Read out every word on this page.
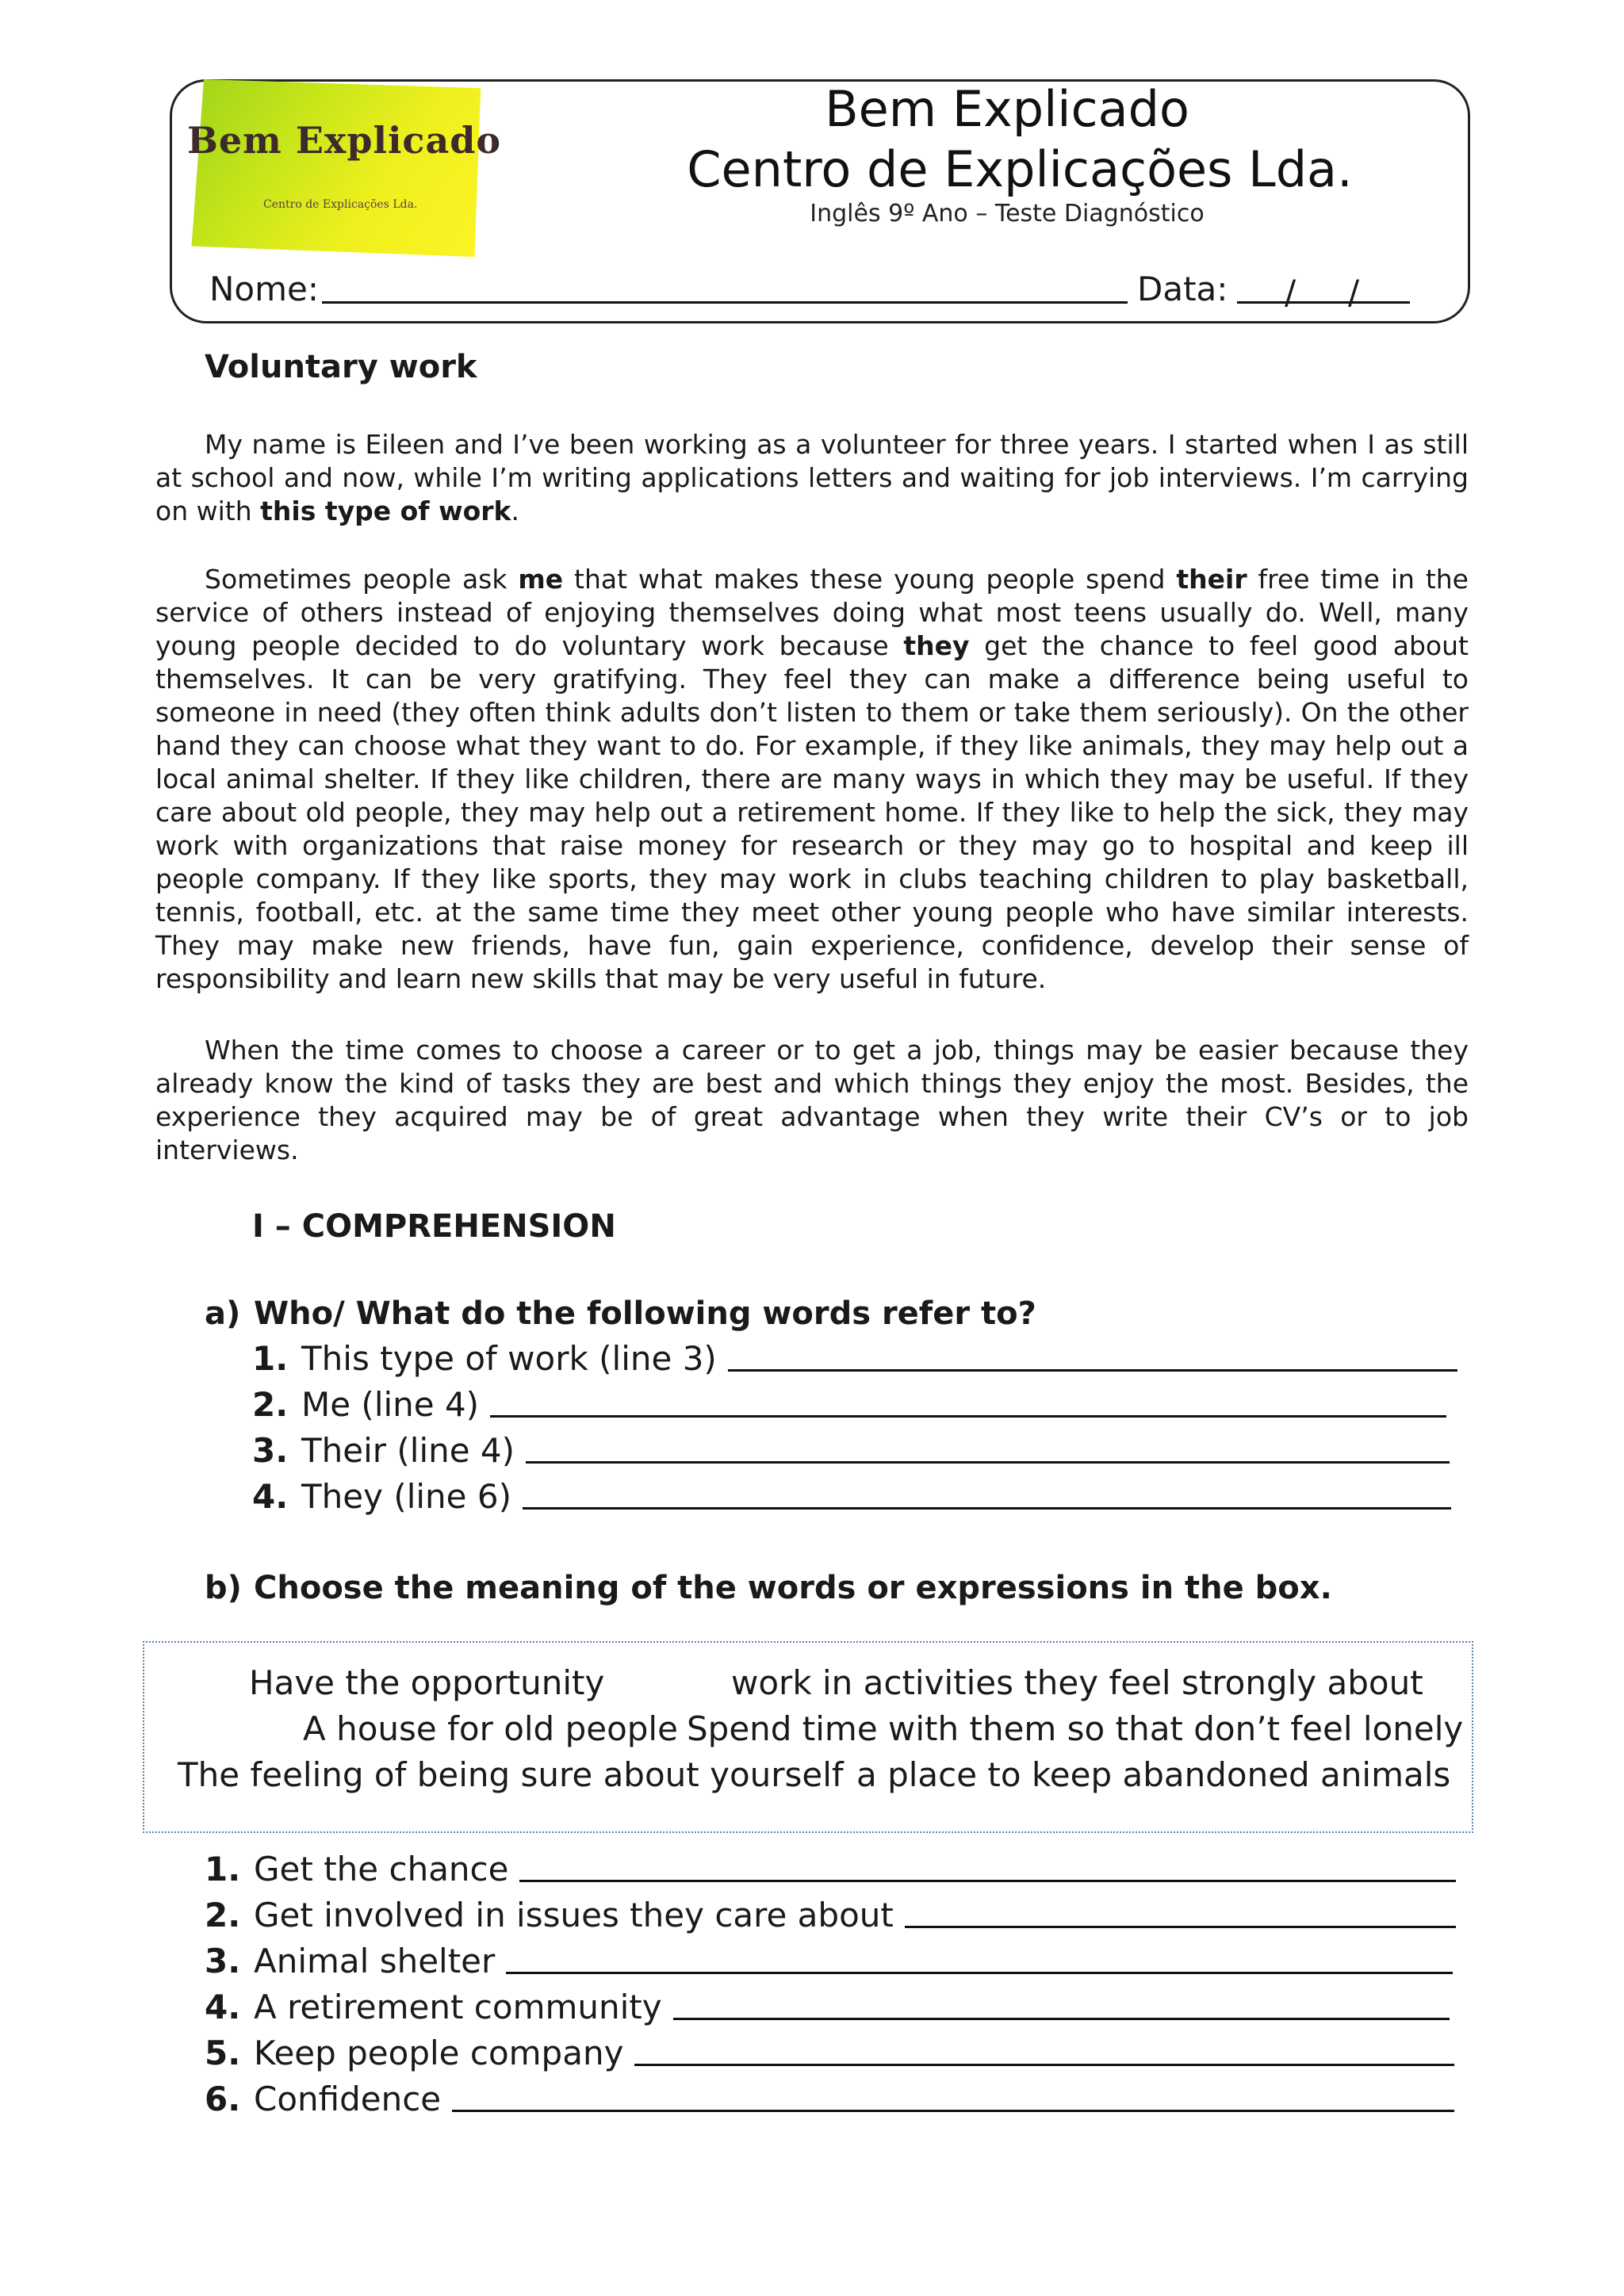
Bem Explicado
Centro de Explicações Lda.
Bem Explicado
Centro de Explicações Lda.
Inglês 9º Ano – Teste Diagnóstico
Nome:	Data: / /
Voluntary work

My name is Eileen and I’ve been working as a volunteer for three years. I started when I as still at school and now, while I’m writing applications letters and waiting for job interviews. I’m carrying on with this type of work.

Sometimes people ask me that what makes these young people spend their free time in the service of others instead of enjoying themselves doing what most teens usually do. Well, many young people decided to do voluntary work because they get the chance to feel good about themselves. It can be very gratifying. They feel they can make a difference being useful to someone in need (they often think adults don’t listen to them or take them seriously). On the other hand they can choose what they want to do. For example, if they like animals, they may help out a local animal shelter. If they like children, there are many ways in which they may be useful. If they care about old people, they may help out a retirement home. If they like to help the sick, they may work with organizations that raise money for research or they may go to hospital and keep ill people company. If they like sports, they may work in clubs teaching children to play basketball, tennis, football, etc. at the same time they meet other young people who have similar interests. They may make new friends, have fun, gain experience, confidence, develop their sense of responsibility and learn new skills that may be very useful in future.

When the time comes to choose a career or to get a job, things may be easier because they already know the kind of tasks they are best and which things they enjoy the most. Besides, the experience they acquired may be of great advantage when they write their CV’s or to job interviews.

I – COMPREHENSION
a) Who/ What do the following words refer to?
1. This type of work (line 3)
2. Me (line 4)
3. Their (line 4)
4. They (line 6)
b) Choose the meaning of the words or expressions in the box.
Have the opportunity	work in activities they feel strongly about
A house for old people Spend time with them so that don’t feel lonely
The feeling of being sure about yourself a place to keep abandoned animals
1. Get the chance
2. Get involved in issues they care about
3. Animal shelter
4. A retirement community
5. Keep people company
6. Confidence
